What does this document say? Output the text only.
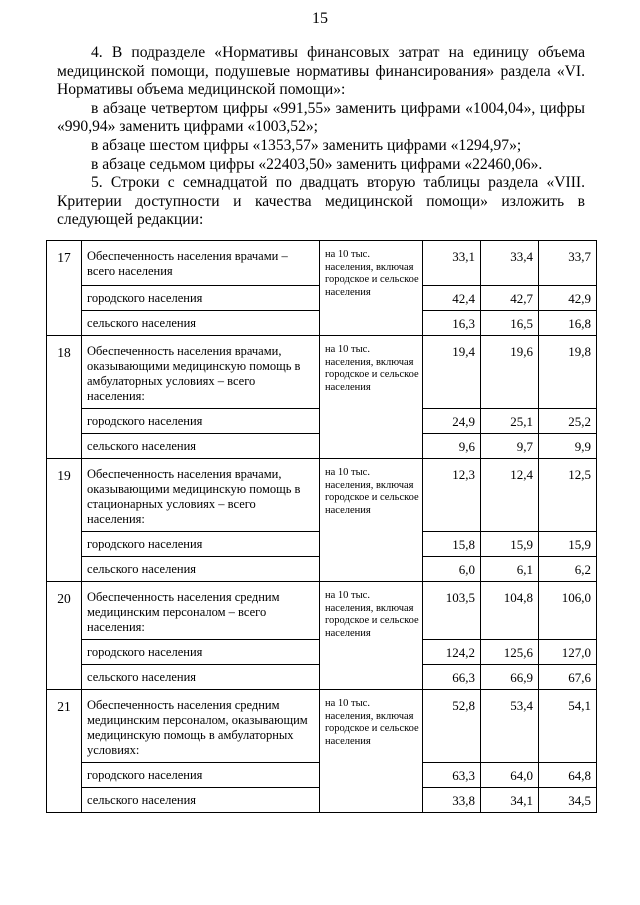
15

4. В подразделе «Нормативы финансовых затрат на единицу объема медицинской помощи, подушевые нормативы финансирования» раздела «VI. Нормативы объема медицинской помощи»:

в абзаце четвертом цифры «991,55» заменить цифрами «1004,04», цифры «990,94» заменить цифрами «1003,52»;

в абзаце шестом цифры «1353,57» заменить цифрами «1294,97»;

в абзаце седьмом цифры «22403,50» заменить цифрами «22460,06».

5. Строки с семнадцатой по двадцать вторую таблицы раздела «VIII. Критерии доступности и качества медицинской помощи» изложить в следующей редакции:

17	Обеспеченность населения врачами – всего населения	на 10 тыс. населения, включая городское и сельское населения	33,1	33,4	33,7
	городского населения		42,4	42,7	42,9
	сельского населения		16,3	16,5	16,8
18	Обеспеченность населения врачами, оказывающими медицинскую помощь в амбулаторных условиях – всего населения:	на 10 тыс. населения, включая городское и сельское населения	19,4	19,6	19,8
	городского населения		24,9	25,1	25,2
	сельского населения		9,6	9,7	9,9
19	Обеспеченность населения врачами, оказывающими медицинскую помощь в стационарных условиях – всего населения:	на 10 тыс. населения, включая городское и сельское населения	12,3	12,4	12,5
	городского населения		15,8	15,9	15,9
	сельского населения		6,0	6,1	6,2
20	Обеспеченность населения средним медицинским персоналом – всего населения:	на 10 тыс. населения, включая городское и сельское населения	103,5	104,8	106,0
	городского населения		124,2	125,6	127,0
	сельского населения		66,3	66,9	67,6
21	Обеспеченность населения средним медицинским персоналом, оказывающим медицинскую помощь в амбулаторных условиях:	на 10 тыс. населения, включая городское и сельское населения	52,8	53,4	54,1
	городского населения		63,3	64,0	64,8
	сельского населения		33,8	34,1	34,5
